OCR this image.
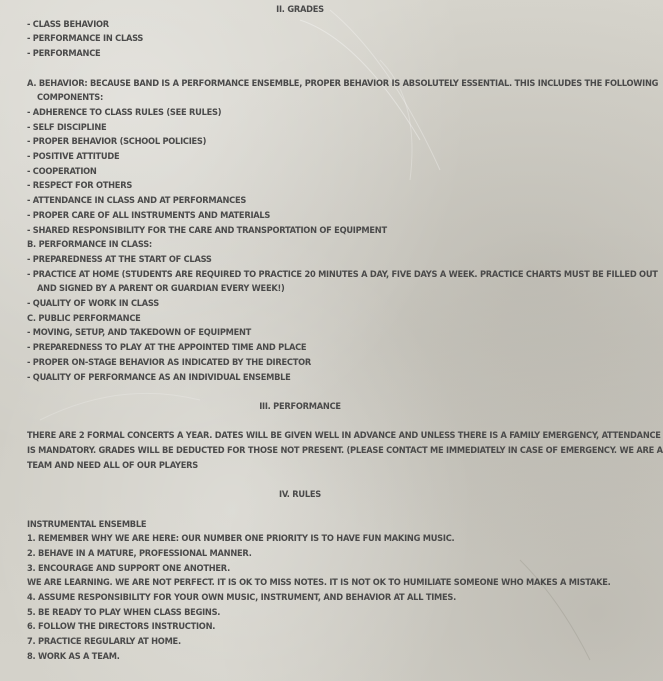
II. GRADES
- CLASS BEHAVIOR
- PERFORMANCE IN CLASS
- PERFORMANCE
A. BEHAVIOR: BECAUSE BAND IS A PERFORMANCE ENSEMBLE, PROPER BEHAVIOR IS ABSOLUTELY ESSENTIAL. THIS INCLUDES THE FOLLOWING
COMPONENTS:
- ADHERENCE TO CLASS RULES (SEE RULES)
- SELF DISCIPLINE
- PROPER BEHAVIOR (SCHOOL POLICIES)
- POSITIVE ATTITUDE
- COOPERATION
- RESPECT FOR OTHERS
- ATTENDANCE IN CLASS AND AT PERFORMANCES
- PROPER CARE OF ALL INSTRUMENTS AND MATERIALS
- SHARED RESPONSIBILITY FOR THE CARE AND TRANSPORTATION OF EQUIPMENT
B. PERFORMANCE IN CLASS:
- PREPAREDNESS AT THE START OF CLASS
- PRACTICE AT HOME (STUDENTS ARE REQUIRED TO PRACTICE 20 MINUTES A DAY, FIVE DAYS A WEEK. PRACTICE CHARTS MUST BE FILLED OUT
AND SIGNED BY A PARENT OR GUARDIAN EVERY WEEK!)
- QUALITY OF WORK IN CLASS
C. PUBLIC PERFORMANCE
- MOVING, SETUP, AND TAKEDOWN OF EQUIPMENT
- PREPAREDNESS TO PLAY AT THE APPOINTED TIME AND PLACE
- PROPER ON-STAGE BEHAVIOR AS INDICATED BY THE DIRECTOR
- QUALITY OF PERFORMANCE AS AN INDIVIDUAL ENSEMBLE
III. PERFORMANCE
THERE ARE 2 FORMAL CONCERTS A YEAR. DATES WILL BE GIVEN WELL IN ADVANCE AND UNLESS THERE IS A FAMILY EMERGENCY, ATTENDANCE
IS MANDATORY. GRADES WILL BE DEDUCTED FOR THOSE NOT PRESENT. (PLEASE CONTACT ME IMMEDIATELY IN CASE OF EMERGENCY. WE ARE A
TEAM AND NEED ALL OF OUR PLAYERS
IV. RULES
INSTRUMENTAL ENSEMBLE
1. REMEMBER WHY WE ARE HERE: OUR NUMBER ONE PRIORITY IS TO HAVE FUN MAKING MUSIC.
2. BEHAVE IN A MATURE, PROFESSIONAL MANNER.
3. ENCOURAGE AND SUPPORT ONE ANOTHER.
WE ARE LEARNING. WE ARE NOT PERFECT. IT IS OK TO MISS NOTES. IT IS NOT OK TO HUMILIATE SOMEONE WHO MAKES A MISTAKE.
4. ASSUME RESPONSIBILITY FOR YOUR OWN MUSIC, INSTRUMENT, AND BEHAVIOR AT ALL TIMES.
5. BE READY TO PLAY WHEN CLASS BEGINS.
6. FOLLOW THE DIRECTORS INSTRUCTION.
7. PRACTICE REGULARLY AT HOME.
8. WORK AS A TEAM.
